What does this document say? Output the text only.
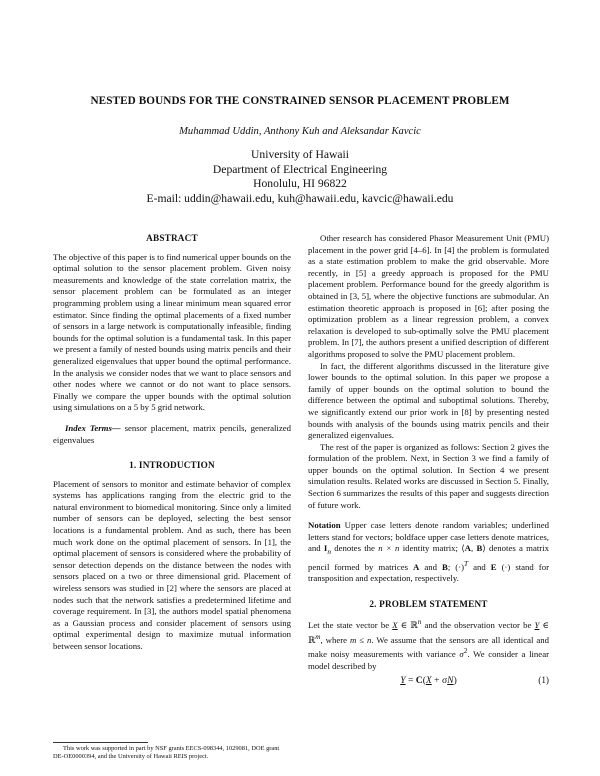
NESTED BOUNDS FOR THE CONSTRAINED SENSOR PLACEMENT PROBLEM
Muhammad Uddin, Anthony Kuh and Aleksandar Kavcic
University of Hawaii
Department of Electrical Engineering
Honolulu, HI 96822
E-mail: uddin@hawaii.edu, kuh@hawaii.edu, kavcic@hawaii.edu
ABSTRACT

The objective of this paper is to find numerical upper bounds on the optimal solution to the sensor placement problem. Given noisy measurements and knowledge of the state correlation matrix, the sensor placement problem can be formulated as an integer programming problem using a linear minimum mean squared error estimator. Since finding the optimal placements of a fixed number of sensors in a large network is computationally infeasible, finding bounds for the optimal solution is a fundamental task. In this paper we present a family of nested bounds using matrix pencils and their generalized eigenvalues that upper bound the optimal performance. In the analysis we consider nodes that we want to place sensors and other nodes where we cannot or do not want to place sensors. Finally we compare the upper bounds with the optimal solution using simulations on a 5 by 5 grid network.

Index Terms— sensor placement, matrix pencils, generalized eigenvalues

1. INTRODUCTION

Placement of sensors to monitor and estimate behavior of complex systems has applications ranging from the electric grid to the natural environment to biomedical monitoring. Since only a limited number of sensors can be deployed, selecting the best sensor locations is a fundamental problem. And as such, there has been much work done on the optimal placement of sensors. In [1], the optimal placement of sensors is considered where the probability of sensor detection depends on the distance between the nodes with sensors placed on a two or three dimensional grid. Placement of wireless sensors was studied in [2] where the sensors are placed at nodes such that the network satisfies a predetermined lifetime and coverage requirement. In [3], the authors model spatial phenomena as a Gaussian process and consider placement of sensors using optimal experimental design to maximize mutual information between sensor locations.

Other research has considered Phasor Measurement Unit (PMU) placement in the power grid [4–6]. In [4] the problem is formulated as a state estimation problem to make the grid observable. More recently, in [5] a greedy approach is proposed for the PMU placement problem. Performance bound for the greedy algorithm is obtained in [3, 5], where the objective functions are submodular. An estimation theoretic approach is proposed in [6]; after posing the optimization problem as a linear regression problem, a convex relaxation is developed to sub-optimally solve the PMU placement problem. In [7], the authors present a unified description of different algorithms proposed to solve the PMU placement problem.

In fact, the different algorithms discussed in the literature give lower bounds to the optimal solution. In this paper we propose a family of upper bounds on the optimal solution to bound the difference between the optimal and suboptimal solutions. Thereby, we significantly extend our prior work in [8] by presenting nested bounds with analysis of the bounds using matrix pencils and their generalized eigenvalues.

The rest of the paper is organized as follows: Section 2 gives the formulation of the problem. Next, in Section 3 we find a family of upper bounds on the optimal solution. In Section 4 we present simulation results. Related works are discussed in Section 5. Finally, Section 6 summarizes the results of this paper and suggests direction of future work.

Notation Upper case letters denote random variables; underlined letters stand for vectors; boldface upper case letters denote matrices, and $I_n$ denotes the n × n identity matrix; ⟨A, B⟩ denotes a matrix pencil formed by matrices A and B; $(\cdot)^T$ and E (·) stand for transposition and expectation, respectively.

2. PROBLEM STATEMENT

Let the state vector be X ∈ ℝ$^n$ and the observation vector be Y ∈ ℝ$^m$, where m ≤ n. We assume that the sensors are all identical and make noisy measurements with variance $\sigma^2$. We consider a linear model described by

Y = C(X + σN)	(1)
This work was supported in part by NSF grants EECS-098344, 1029081, DOE grant DE-OE0000394, and the University of Hawaii REIS project.
